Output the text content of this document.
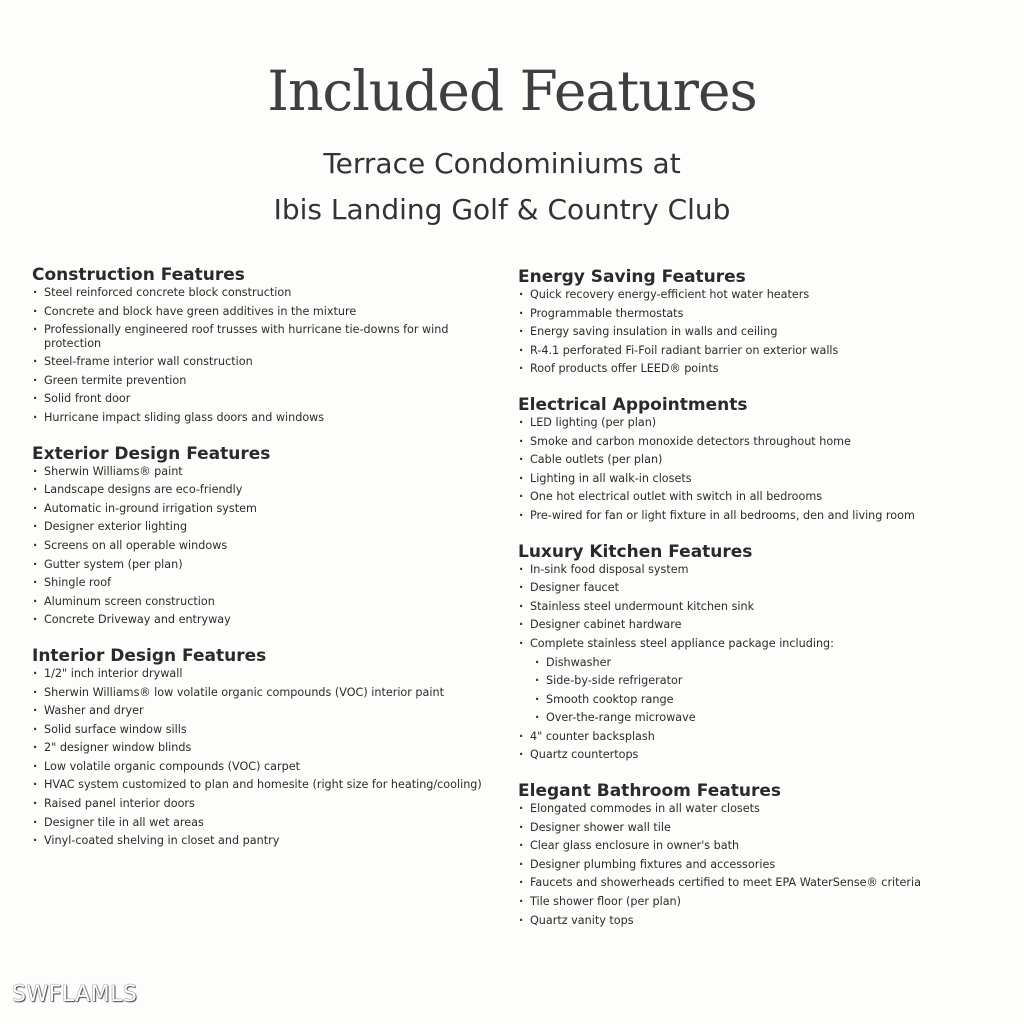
Included Features
Terrace Condominiums at
Ibis Landing Golf & Country Club
Construction Features
· Steel reinforced concrete block construction
· Concrete and block have green additives in the mixture
· Professionally engineered roof trusses with hurricane tie-downs for wind protection
· Steel-frame interior wall construction
· Green termite prevention
· Solid front door
· Hurricane impact sliding glass doors and windows
Exterior Design Features
· Sherwin Williams® paint
· Landscape designs are eco-friendly
· Automatic in-ground irrigation system
· Designer exterior lighting
· Screens on all operable windows
· Gutter system (per plan)
· Shingle roof
· Aluminum screen construction
· Concrete Driveway and entryway
Interior Design Features
· 1/2" inch interior drywall
· Sherwin Williams® low volatile organic compounds (VOC) interior paint
· Washer and dryer
· Solid surface window sills
· 2" designer window blinds
· Low volatile organic compounds (VOC) carpet
· HVAC system customized to plan and homesite (right size for heating/cooling)
· Raised panel interior doors
· Designer tile in all wet areas
· Vinyl-coated shelving in closet and pantry
Energy Saving Features
· Quick recovery energy-efficient hot water heaters
· Programmable thermostats
· Energy saving insulation in walls and ceiling
· R-4.1 perforated Fi-Foil radiant barrier on exterior walls
· Roof products offer LEED® points
Electrical Appointments
· LED lighting (per plan)
· Smoke and carbon monoxide detectors throughout home
· Cable outlets (per plan)
· Lighting in all walk-in closets
· One hot electrical outlet with switch in all bedrooms
· Pre-wired for fan or light fixture in all bedrooms, den and living room
Luxury Kitchen Features
· In-sink food disposal system
· Designer faucet
· Stainless steel undermount kitchen sink
· Designer cabinet hardware
· Complete stainless steel appliance package including:
· Dishwasher
· Side-by-side refrigerator
· Smooth cooktop range
· Over-the-range microwave
· 4" counter backsplash
· Quartz countertops
Elegant Bathroom Features
· Elongated commodes in all water closets
· Designer shower wall tile
· Clear glass enclosure in owner's bath
· Designer plumbing fixtures and accessories
· Faucets and showerheads certified to meet EPA WaterSense® criteria
· Tile shower floor (per plan)
· Quartz vanity tops
SWFLAMLS
